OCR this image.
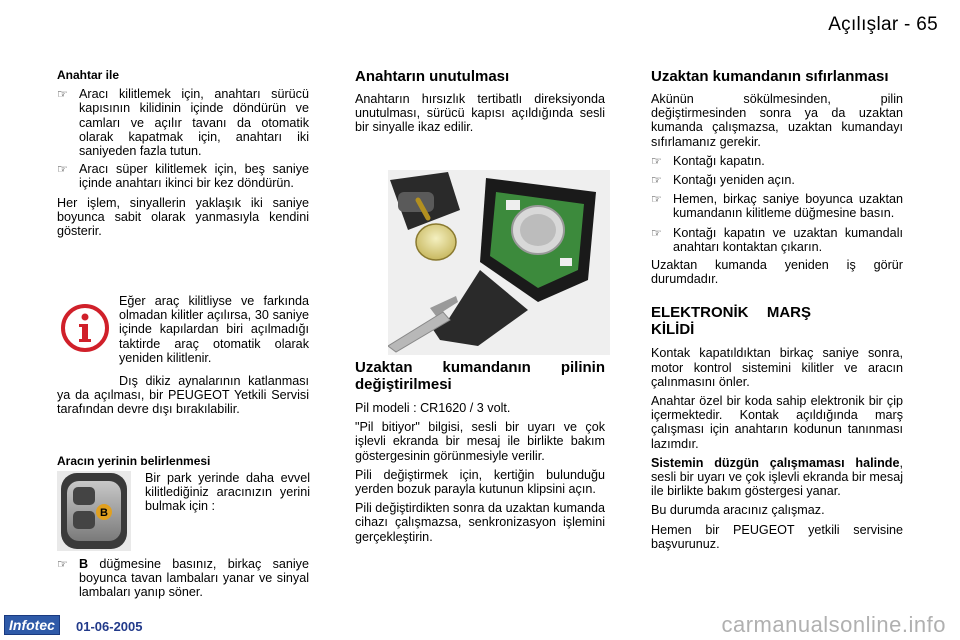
Açılışlar - 65

Anahtar ile

☞ Aracı kilitlemek için, anahtarı sürücü kapısının kilidinin içinde döndürün ve camları ve açılır tavanı da otomatik olarak kapatmak için, anahtarı iki saniyeden fazla tutun.
☞ Aracı süper kilitlemek için, beş saniye içinde anahtarı ikinci bir kez döndürün.

Her işlem, sinyallerin yaklaşık iki saniye boyunca sabit olarak yanmasıyla kendini gösterir.

Eğer araç kilitliyse ve farkında olmadan kilitler açılırsa, 30 saniye içinde kapılardan biri açılmadığı taktirde araç otomatik olarak yeniden kilitlenir.
Dış dikiz aynalarının katlanması ya da açılması, bir PEUGEOT Yetkili Servisi tarafından devre dışı bırakılabilir.
Aracın yerinin belirlenmesi
B
Bir park yerinde daha evvel kilitlediğiniz aracınızın yerini bulmak için :
☞ B düğmesine basınız, birkaç saniye boyunca tavan lambaları yanar ve sinyal lambaları yanıp söner.

Anahtarın unutulması

Anahtarın hırsızlık tertibatlı direksiyonda unutulması, sürücü kapısı açıldığında sesli bir sinyalle ikaz edilir.

Uzaktan kumandanın pilinin değiştirilmesi

Pil modeli : CR1620 / 3 volt.

"Pil bitiyor" bilgisi, sesli bir uyarı ve çok işlevli ekranda bir mesaj ile birlikte bakım göstergesinin görünmesiyle verilir.

Pili değiştirmek için, kertiğin bulunduğu yerden bozuk parayla kutunun klipsini açın.

Pili değiştirdikten sonra da uzaktan kumanda cihazı çalışmazsa, senkronizasyon işlemini gerçekleştirin.

Uzaktan kumandanın sıfırlanması

Akünün sökülmesinden, pilin değiştirmesinden sonra ya da uzaktan kumanda çalışmazsa, uzaktan kumandayı sıfırlamanız gerekir.

☞ Kontağı kapatın.
☞ Kontağı yeniden açın.
☞ Hemen, birkaç saniye boyunca uzaktan kumandanın kilitleme düğmesine basın.
☞ Kontağı kapatın ve uzaktan kumandalı anahtarı kontaktan çıkarın.

Uzaktan kumanda yeniden iş görür durumdadır.

ELEKTRONİK MARŞ KİLİDİ

Kontak kapatıldıktan birkaç saniye sonra, motor kontrol sistemini kilitler ve aracın çalınmasını önler.

Anahtar özel bir koda sahip elektronik bir çip içermektedir. Kontak açıldığında marş çalışması için anahtarın kodunun tanınması lazımdır.

Sistemin düzgün çalışmaması halinde, sesli bir uyarı ve çok işlevli ekranda bir mesaj ile birlikte bakım göstergesi yanar.

Bu durumda aracınız çalışmaz.

Hemen bir PEUGEOT yetkili servisine başvurunuz.

Infotec	01-06-2005	carmanualsonline.info
